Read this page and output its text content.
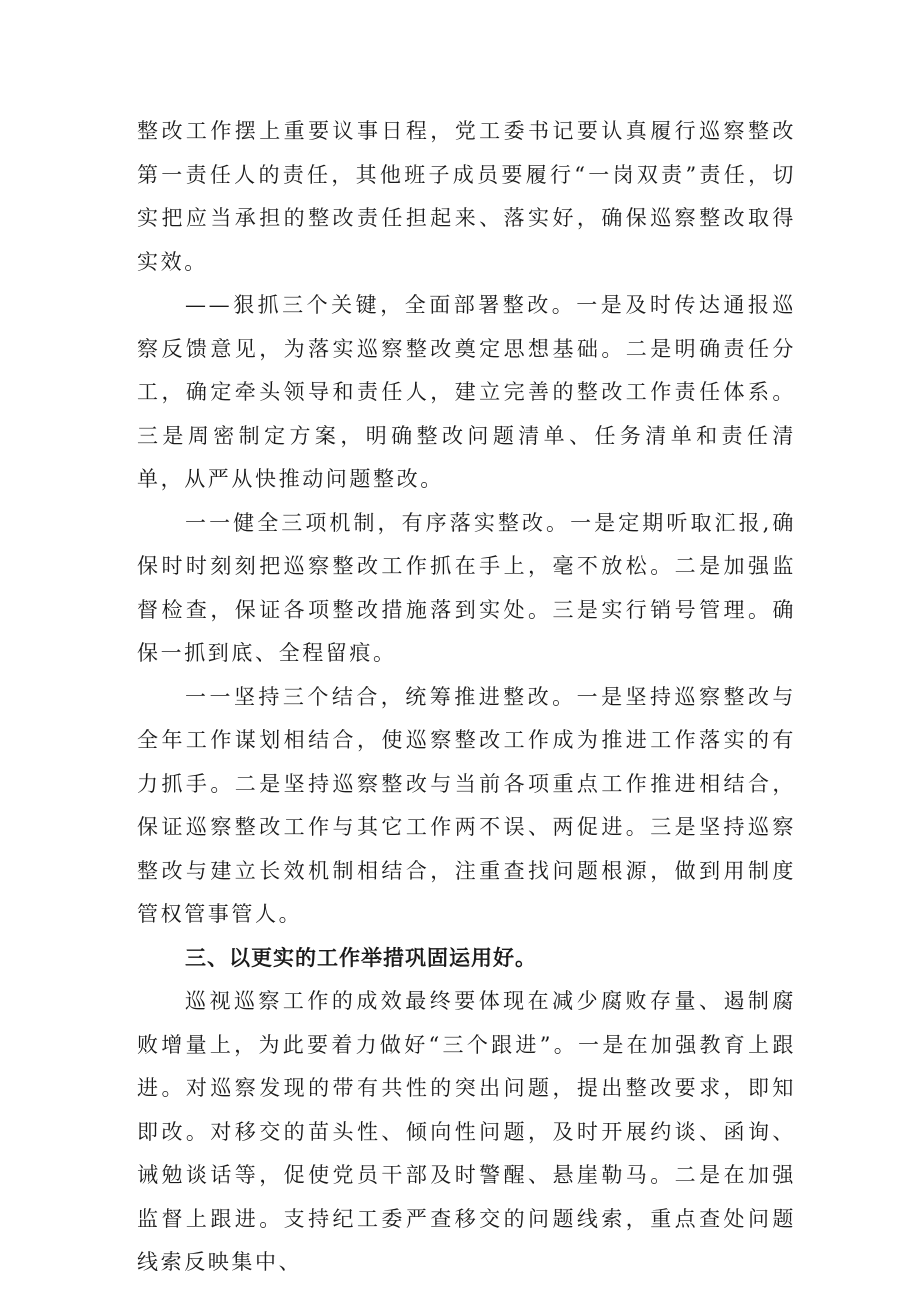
整改工作摆上重要议事日程，党工委书记要认真履行巡察整改第一责任人的责任，其他班子成员要履行“一岗双责”责任，切实把应当承担的整改责任担起来、落实好，确保巡察整改取得实效。

——狠抓三个关键，全面部署整改。一是及时传达通报巡察反馈意见，为落实巡察整改奠定思想基础。二是明确责任分工，确定牵头领导和责任人，建立完善的整改工作责任体系。三是周密制定方案，明确整改问题清单、任务清单和责任清单，从严从快推动问题整改。

一一健全三项机制，有序落实整改。一是定期听取汇报,确保时时刻刻把巡察整改工作抓在手上，毫不放松。二是加强监督检查，保证各项整改措施落到实处。三是实行销号管理。确保一抓到底、全程留痕。

一一坚持三个结合，统筹推进整改。一是坚持巡察整改与全年工作谋划相结合，使巡察整改工作成为推进工作落实的有力抓手。二是坚持巡察整改与当前各项重点工作推进相结合，保证巡察整改工作与其它工作两不误、两促进。三是坚持巡察整改与建立长效机制相结合，注重查找问题根源，做到用制度管权管事管人。

三、以更实的工作举措巩固运用好。

巡视巡察工作的成效最终要体现在减少腐败存量、遏制腐败增量上，为此要着力做好“三个跟进”。一是在加强教育上跟进。对巡察发现的带有共性的突出问题，提出整改要求，即知即改。对移交的苗头性、倾向性问题，及时开展约谈、函询、诫勉谈话等，促使党员干部及时警醒、悬崖勒马。二是在加强监督上跟进。支持纪工委严查移交的问题线索，重点查处问题线索反映集中、
